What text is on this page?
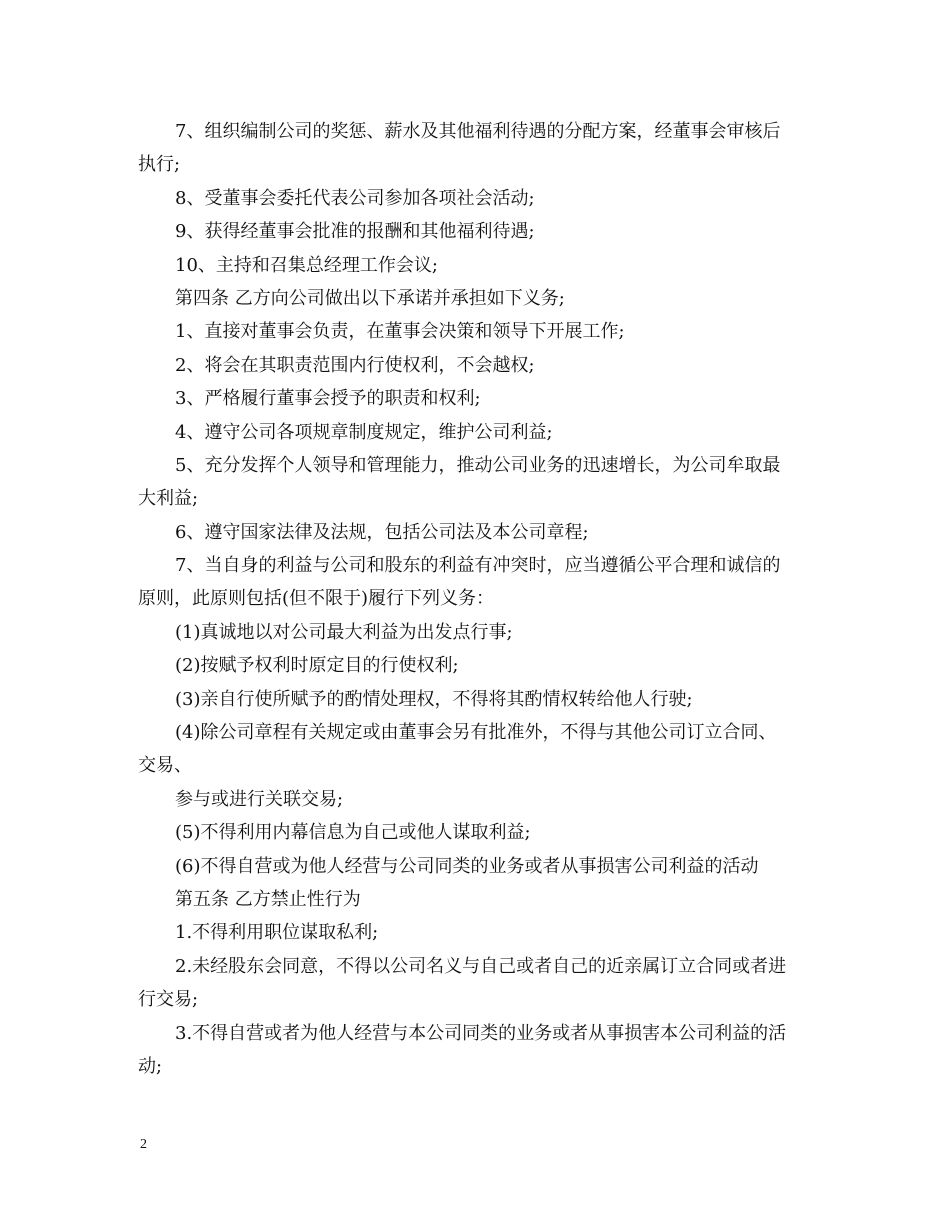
7、组织编制公司的奖惩、薪水及其他福利待遇的分配方案，经董事会审核后
执行;
8、受董事会委托代表公司参加各项社会活动;
9、获得经董事会批准的报酬和其他福利待遇;
10、主持和召集总经理工作会议;
第四条 乙方向公司做出以下承诺并承担如下义务;
1、直接对董事会负责，在董事会决策和领导下开展工作;
2、将会在其职责范围内行使权利，不会越权;
3、严格履行董事会授予的职责和权利;
4、遵守公司各项规章制度规定，维护公司利益;
5、充分发挥个人领导和管理能力，推动公司业务的迅速增长，为公司牟取最
大利益;
6、遵守国家法律及法规，包括公司法及本公司章程;
7、当自身的利益与公司和股东的利益有冲突时，应当遵循公平合理和诚信的
原则，此原则包括(但不限于)履行下列义务：
(1)真诚地以对公司最大利益为出发点行事;
(2)按赋予权利时原定目的行使权利;
(3)亲自行使所赋予的酌情处理权，不得将其酌情权转给他人行驶;
(4)除公司章程有关规定或由董事会另有批准外，不得与其他公司订立合同、
交易、
参与或进行关联交易;
(5)不得利用内幕信息为自己或他人谋取利益;
(6)不得自营或为他人经营与公司同类的业务或者从事损害公司利益的活动
第五条 乙方禁止性行为
1.不得利用职位谋取私利;
2.未经股东会同意，不得以公司名义与自己或者自己的近亲属订立合同或者进
行交易;
3.不得自营或者为他人经营与本公司同类的业务或者从事损害本公司利益的活
动;
2
